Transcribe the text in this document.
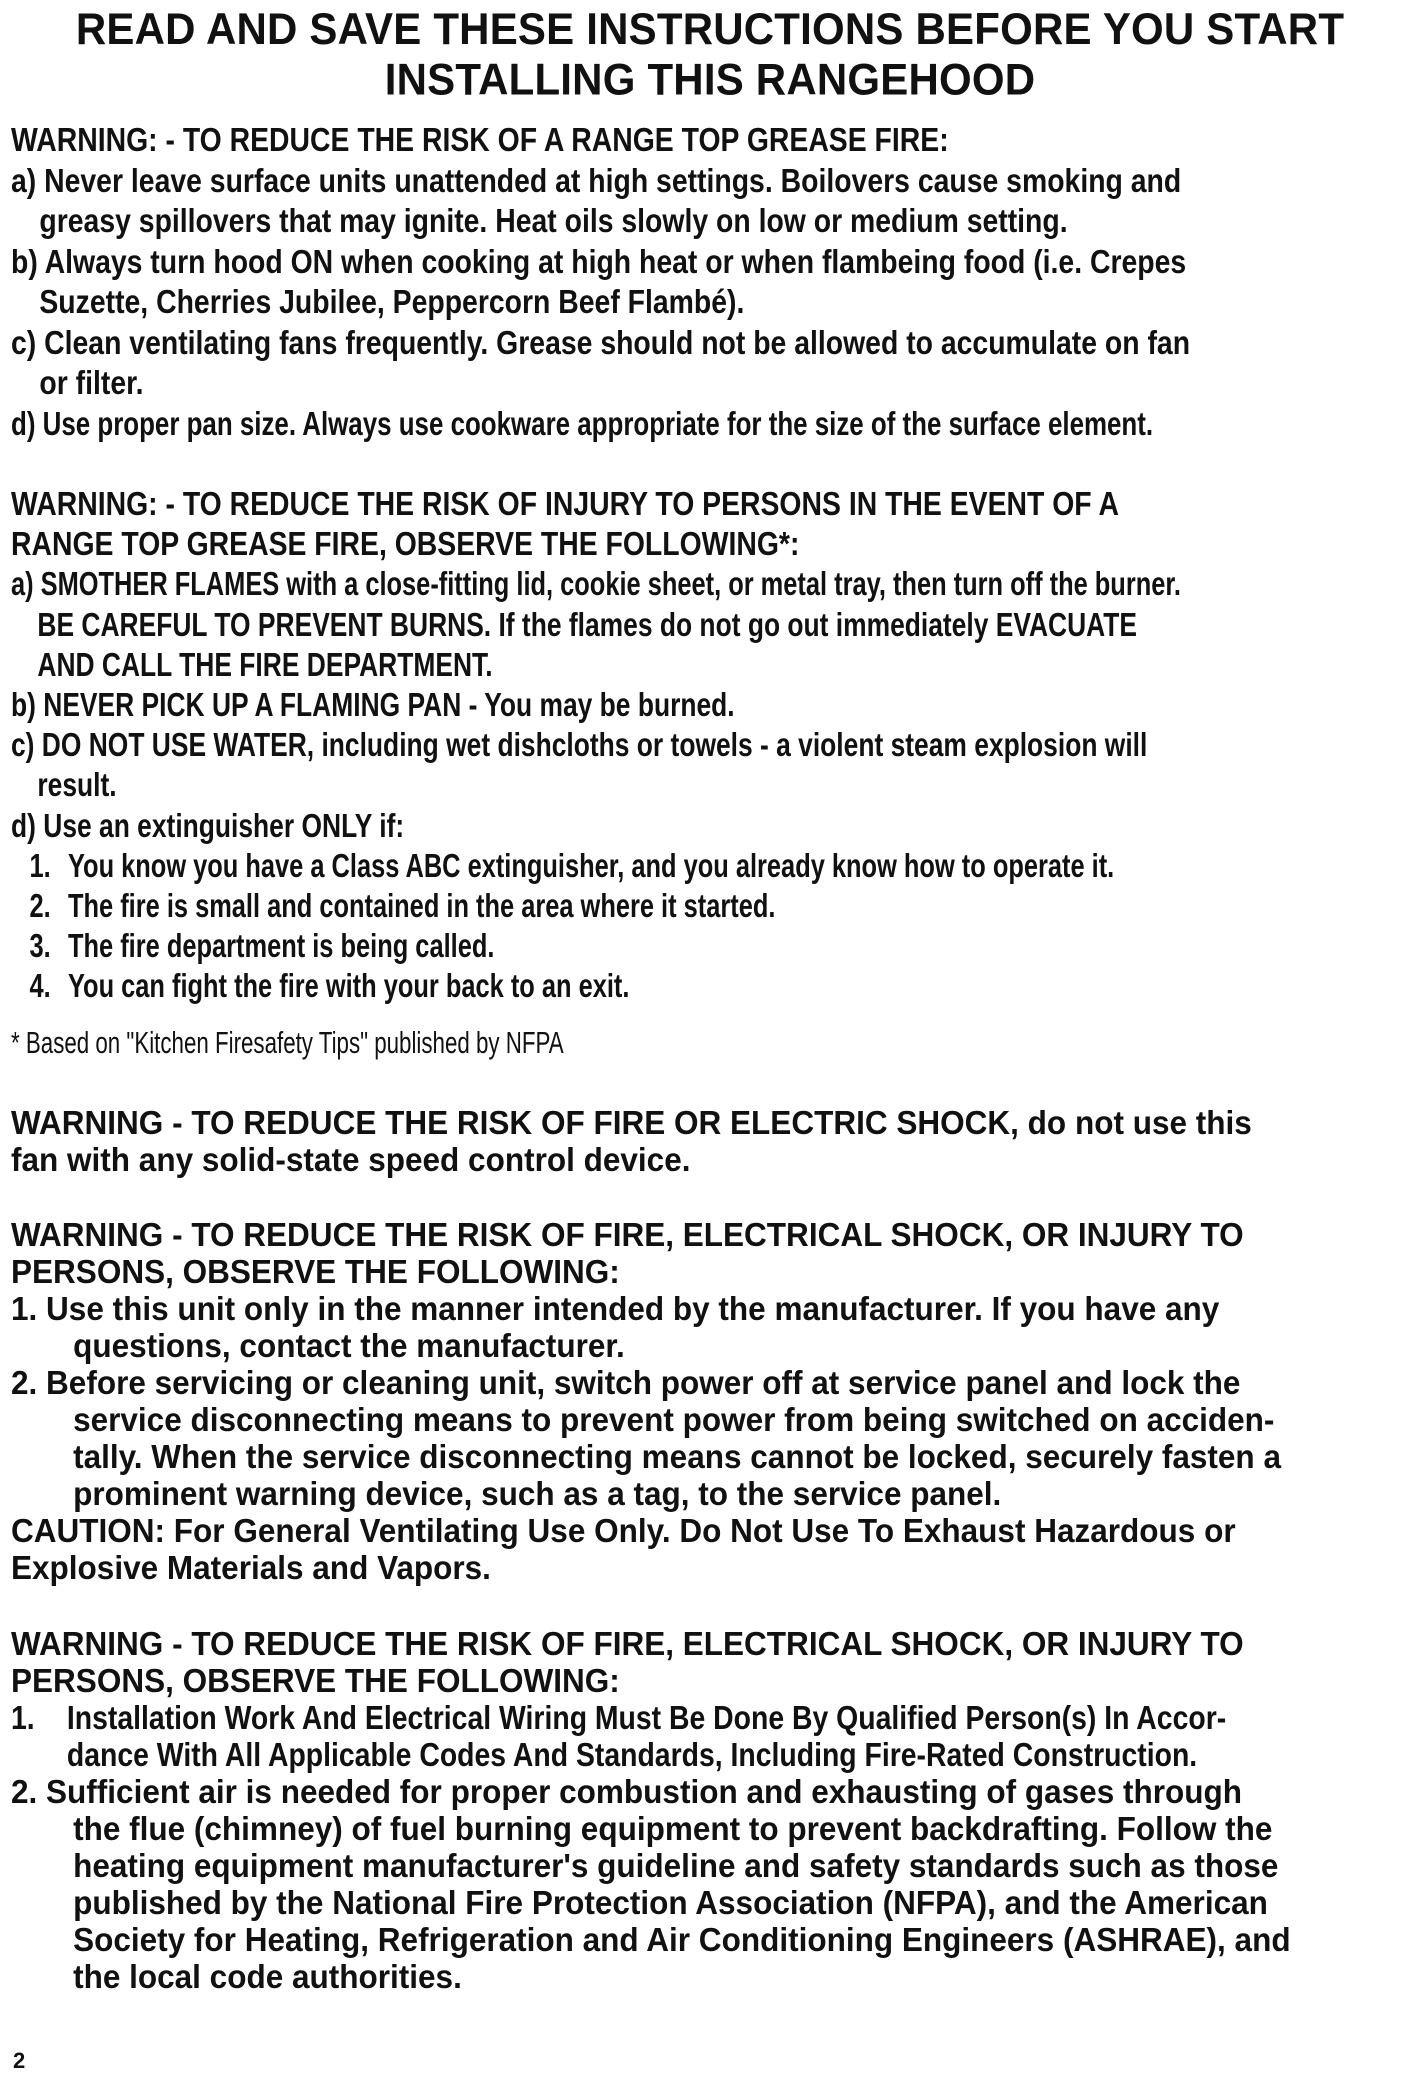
READ AND SAVE THESE INSTRUCTIONS BEFORE YOU START
INSTALLING THIS RANGEHOOD
WARNING: - TO REDUCE THE RISK OF A RANGE TOP GREASE FIRE:
a) Never leave surface units unattended at high settings. Boilovers cause smoking and
greasy spillovers that may ignite. Heat oils slowly on low or medium setting.
b) Always turn hood ON when cooking at high heat or when flambeing food (i.e. Crepes
Suzette, Cherries Jubilee, Peppercorn Beef Flambé).
c) Clean ventilating fans frequently. Grease should not be allowed to accumulate on fan
or filter.
d) Use proper pan size. Always use cookware appropriate for the size of the surface element.
WARNING: - TO REDUCE THE RISK OF INJURY TO PERSONS IN THE EVENT OF A
RANGE TOP GREASE FIRE, OBSERVE THE FOLLOWING*:
a) SMOTHER FLAMES with a close-fitting lid, cookie sheet, or metal tray, then turn off the burner.
BE CAREFUL TO PREVENT BURNS. If the flames do not go out immediately EVACUATE
AND CALL THE FIRE DEPARTMENT.
b) NEVER PICK UP A FLAMING PAN - You may be burned.
c) DO NOT USE WATER, including wet dishcloths or towels - a violent steam explosion will
result.
d) Use an extinguisher ONLY if:
1. You know you have a Class ABC extinguisher, and you already know how to operate it.
2. The fire is small and contained in the area where it started.
3. The fire department is being called.
4. You can fight the fire with your back to an exit.
* Based on "Kitchen Firesafety Tips" published by NFPA
WARNING - TO REDUCE THE RISK OF FIRE OR ELECTRIC SHOCK, do not use this
fan with any solid-state speed control device.
WARNING - TO REDUCE THE RISK OF FIRE, ELECTRICAL SHOCK, OR INJURY TO
PERSONS, OBSERVE THE FOLLOWING:
1. Use this unit only in the manner intended by the manufacturer. If you have any
questions, contact the manufacturer.
2. Before servicing or cleaning unit, switch power off at service panel and lock the
service disconnecting means to prevent power from being switched on acciden-
tally. When the service disconnecting means cannot be locked, securely fasten a
prominent warning device, such as a tag, to the service panel.
CAUTION: For General Ventilating Use Only. Do Not Use To Exhaust Hazardous or
Explosive Materials and Vapors.
WARNING - TO REDUCE THE RISK OF FIRE, ELECTRICAL SHOCK, OR INJURY TO
PERSONS, OBSERVE THE FOLLOWING:
1. Installation Work And Electrical Wiring Must Be Done By Qualified Person(s) In Accor-
dance With All Applicable Codes And Standards, Including Fire-Rated Construction.
2. Sufficient air is needed for proper combustion and exhausting of gases through
the flue (chimney) of fuel burning equipment to prevent backdrafting. Follow the
heating equipment manufacturer's guideline and safety standards such as those
published by the National Fire Protection Association (NFPA), and the American
Society for Heating, Refrigeration and Air Conditioning Engineers (ASHRAE), and
the local code authorities.
2
